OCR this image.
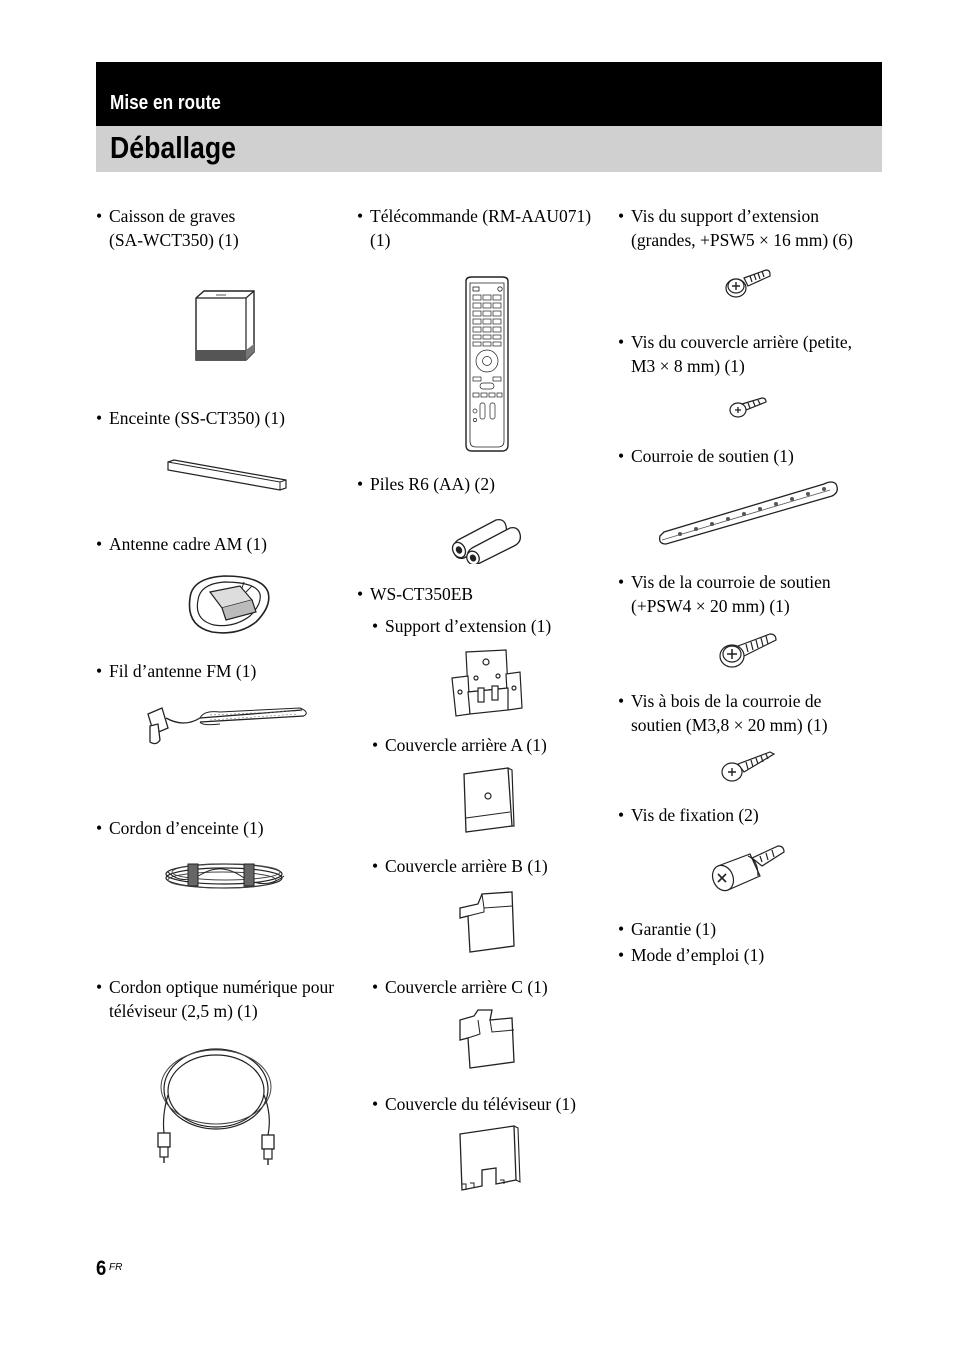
Mise en route
Déballage
• Caisson de graves
(SA-WCT350) (1)
• Enceinte (SS-CT350) (1)
• Antenne cadre AM (1)
• Fil d’antenne FM (1)
• Cordon d’enceinte (1)
• Cordon optique numérique pour
téléviseur (2,5 m) (1)
• Télécommande (RM-AAU071)
(1)
• Piles R6 (AA) (2)
• WS-CT350EB
• Support d’extension (1)
• Couvercle arrière A (1)
• Couvercle arrière B (1)
• Couvercle arrière C (1)
• Couvercle du téléviseur (1)
• Vis du support d’extension
(grandes, +PSW5 × 16 mm) (6)
• Vis du couvercle arrière (petite,
M3 × 8 mm) (1)
• Courroie de soutien (1)
• Vis de la courroie de soutien
(+PSW4 × 20 mm) (1)
• Vis à bois de la courroie de
soutien (M3,8 × 20 mm) (1)
• Vis de fixation (2)
• Garantie (1)
• Mode d’emploi (1)
6 FR
